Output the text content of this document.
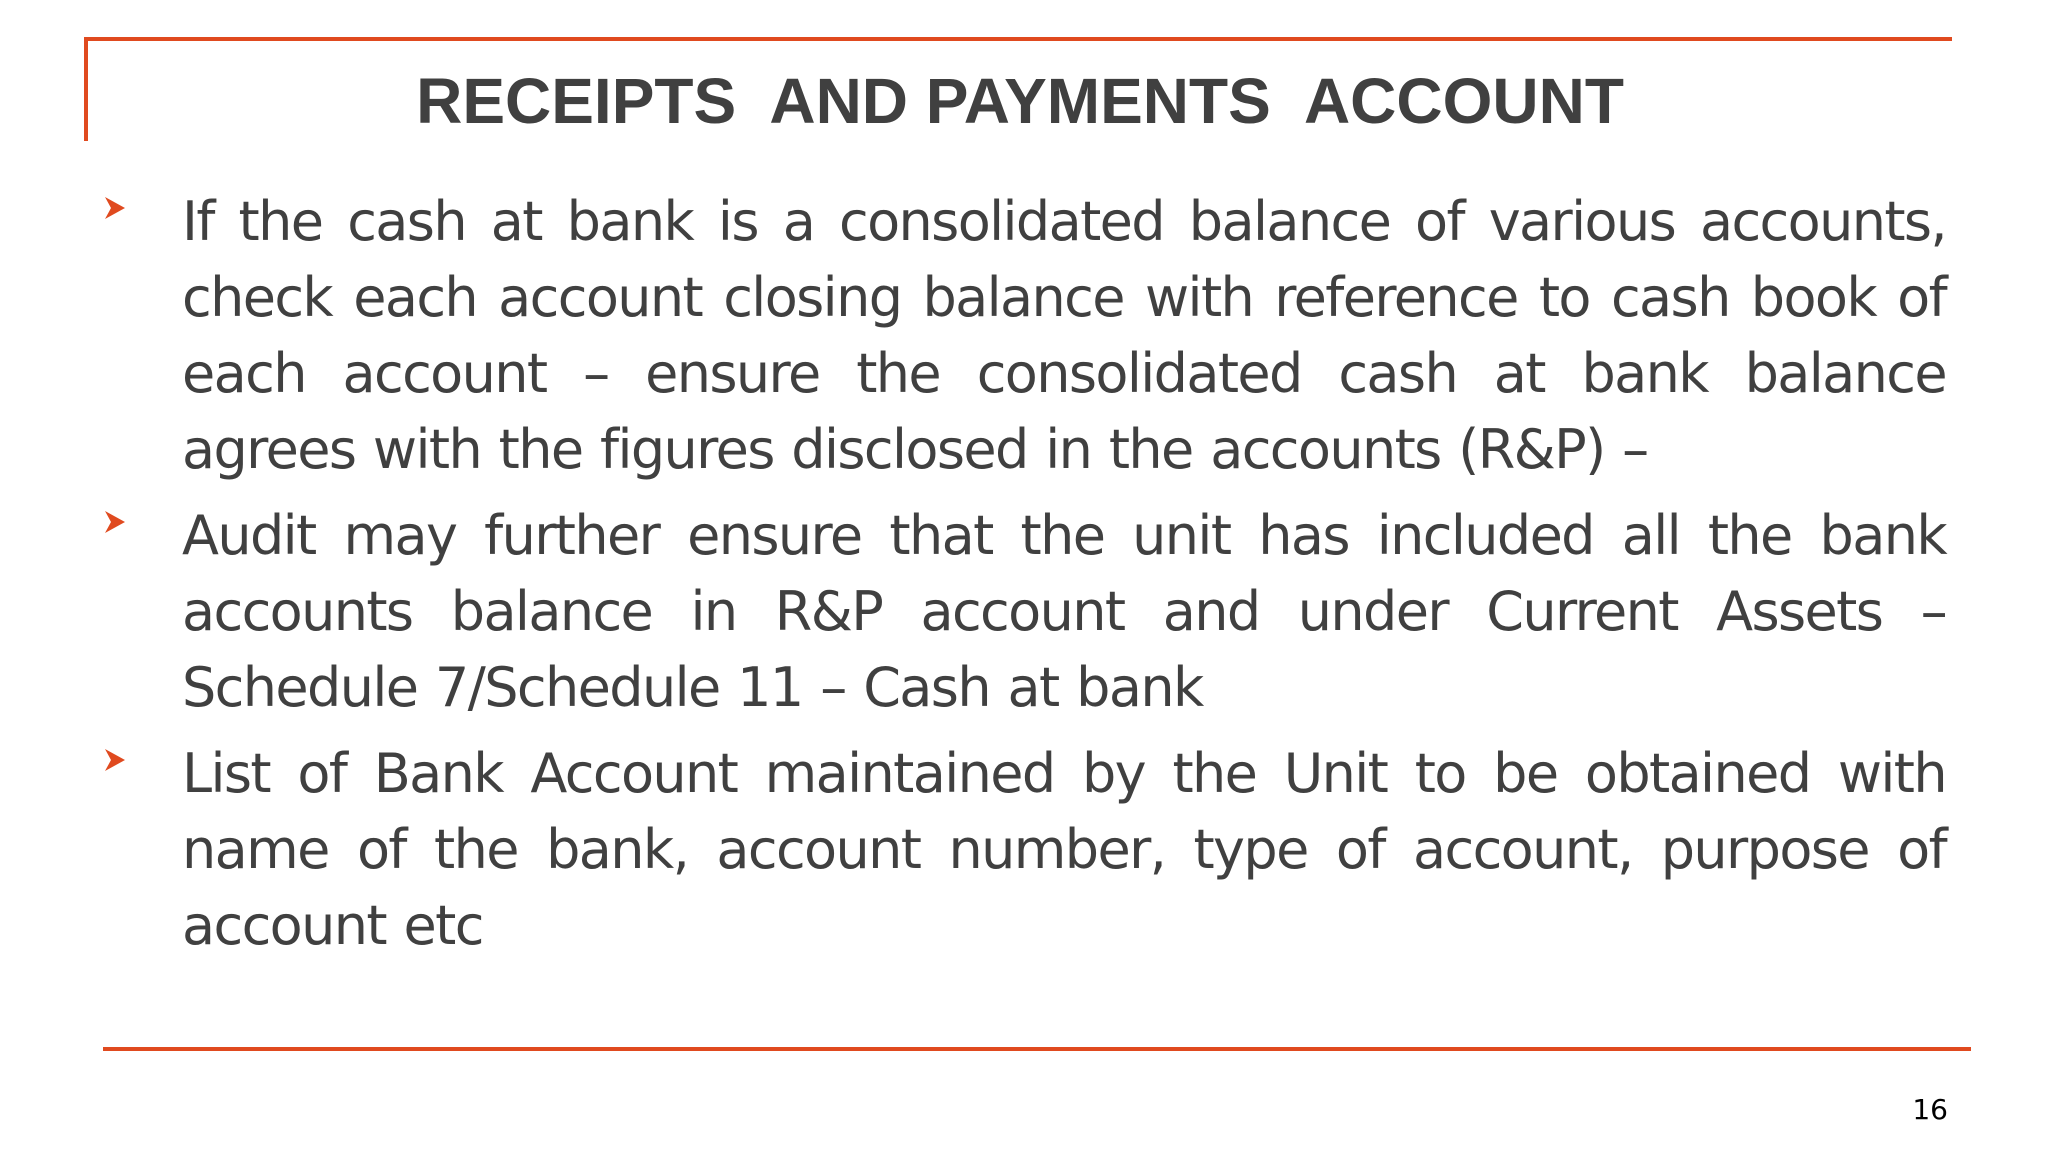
RECEIPTS  AND PAYMENTS  ACCOUNT
If the cash at bank is a consolidated balance of various accounts, check each account closing balance with reference to cash book of each account – ensure the consolidated cash at bank balance agrees with the figures disclosed in the accounts (R&P) –
Audit may further ensure that the unit has included all the bank accounts balance in R&P account and under Current Assets – Schedule 7/Schedule 11 – Cash at bank
List of Bank Account maintained by the Unit to be obtained with name of the bank, account number, type of account, purpose of account etc
16
